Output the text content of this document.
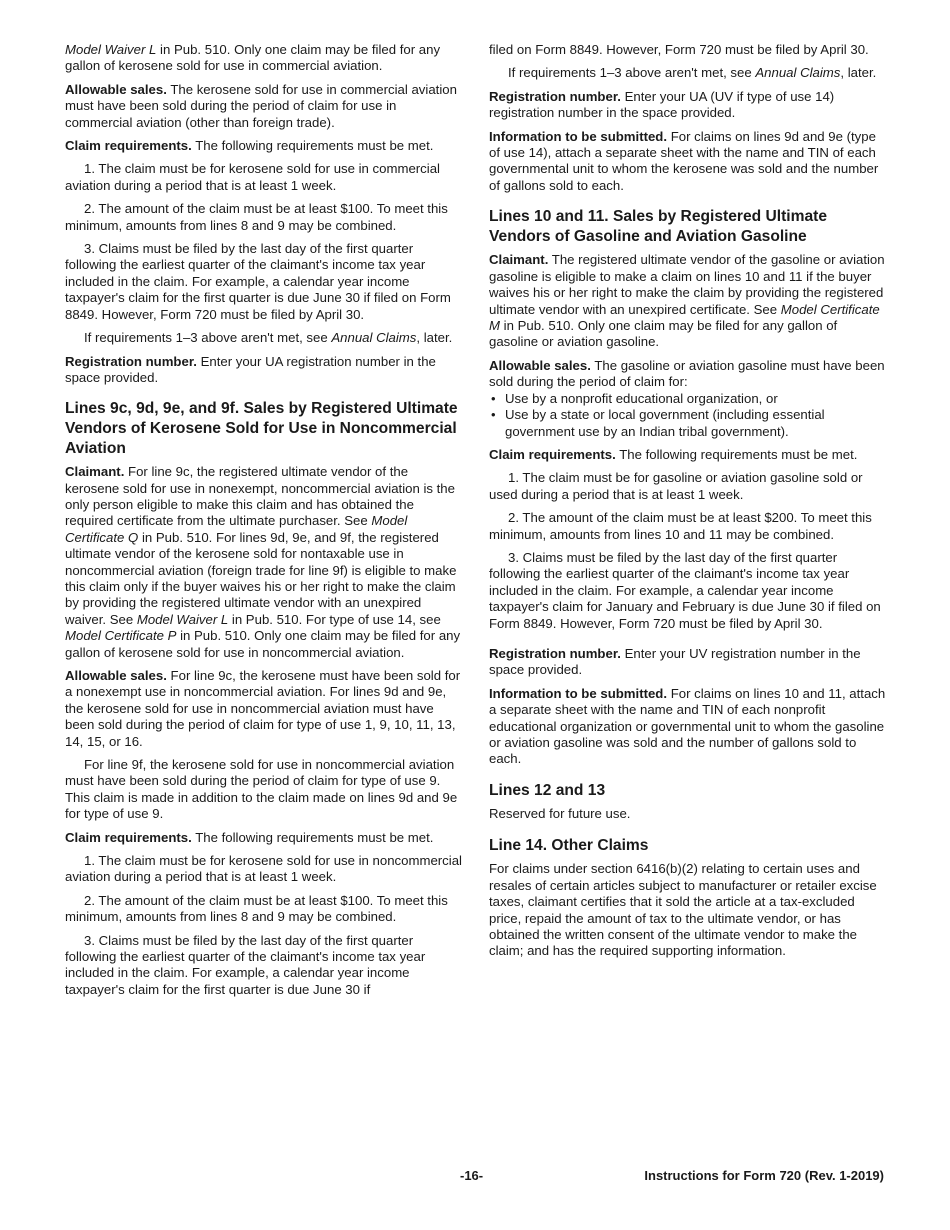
Model Waiver L in Pub. 510. Only one claim may be filed for any gallon of kerosene sold for use in commercial aviation.

Allowable sales. The kerosene sold for use in commercial aviation must have been sold during the period of claim for use in commercial aviation (other than foreign trade).

Claim requirements. The following requirements must be met.

1. The claim must be for kerosene sold for use in commercial aviation during a period that is at least 1 week.

2. The amount of the claim must be at least $100. To meet this minimum, amounts from lines 8 and 9 may be combined.

3. Claims must be filed by the last day of the first quarter following the earliest quarter of the claimant's income tax year included in the claim. For example, a calendar year income taxpayer's claim for the first quarter is due June 30 if filed on Form 8849. However, Form 720 must be filed by April 30.

If requirements 1–3 above aren't met, see Annual Claims, later.

Registration number. Enter your UA registration number in the space provided.

Lines 9c, 9d, 9e, and 9f. Sales by Registered Ultimate Vendors of Kerosene Sold for Use in Noncommercial Aviation

Claimant. For line 9c, the registered ultimate vendor of the kerosene sold for use in nonexempt, noncommercial aviation is the only person eligible to make this claim and has obtained the required certificate from the ultimate purchaser. See Model Certificate Q in Pub. 510. For lines 9d, 9e, and 9f, the registered ultimate vendor of the kerosene sold for nontaxable use in noncommercial aviation (foreign trade for line 9f) is eligible to make this claim only if the buyer waives his or her right to make the claim by providing the registered ultimate vendor with an unexpired waiver. See Model Waiver L in Pub. 510. For type of use 14, see Model Certificate P in Pub. 510. Only one claim may be filed for any gallon of kerosene sold for use in noncommercial aviation.

Allowable sales. For line 9c, the kerosene must have been sold for a nonexempt use in noncommercial aviation. For lines 9d and 9e, the kerosene sold for use in noncommercial aviation must have been sold during the period of claim for type of use 1, 9, 10, 11, 13, 14, 15, or 16.

For line 9f, the kerosene sold for use in noncommercial aviation must have been sold during the period of claim for type of use 9. This claim is made in addition to the claim made on lines 9d and 9e for type of use 9.

Claim requirements. The following requirements must be met.

1. The claim must be for kerosene sold for use in noncommercial aviation during a period that is at least 1 week.

2. The amount of the claim must be at least $100. To meet this minimum, amounts from lines 8 and 9 may be combined.

3. Claims must be filed by the last day of the first quarter following the earliest quarter of the claimant's income tax year included in the claim. For example, a calendar year income taxpayer's claim for the first quarter is due June 30 if

filed on Form 8849. However, Form 720 must be filed by April 30.

If requirements 1–3 above aren't met, see Annual Claims, later.

Registration number. Enter your UA (UV if type of use 14) registration number in the space provided.

Information to be submitted. For claims on lines 9d and 9e (type of use 14), attach a separate sheet with the name and TIN of each governmental unit to whom the kerosene was sold and the number of gallons sold to each.

Lines 10 and 11. Sales by Registered Ultimate Vendors of Gasoline and Aviation Gasoline

Claimant. The registered ultimate vendor of the gasoline or aviation gasoline is eligible to make a claim on lines 10 and 11 if the buyer waives his or her right to make the claim by providing the registered ultimate vendor with an unexpired certificate. See Model Certificate M in Pub. 510. Only one claim may be filed for any gallon of gasoline or aviation gasoline.

Allowable sales. The gasoline or aviation gasoline must have been sold during the period of claim for:

• Use by a nonprofit educational organization, or
• Use by a state or local government (including essential government use by an Indian tribal government).

Claim requirements. The following requirements must be met.

1. The claim must be for gasoline or aviation gasoline sold or used during a period that is at least 1 week.

2. The amount of the claim must be at least $200. To meet this minimum, amounts from lines 10 and 11 may be combined.

3. Claims must be filed by the last day of the first quarter following the earliest quarter of the claimant's income tax year included in the claim. For example, a calendar year income taxpayer's claim for January and February is due June 30 if filed on Form 8849. However, Form 720 must be filed by April 30.

Registration number. Enter your UV registration number in the space provided.

Information to be submitted. For claims on lines 10 and 11, attach a separate sheet with the name and TIN of each nonprofit educational organization or governmental unit to whom the gasoline or aviation gasoline was sold and the number of gallons sold to each.

Lines 12 and 13

Reserved for future use.

Line 14. Other Claims

For claims under section 6416(b)(2) relating to certain uses and resales of certain articles subject to manufacturer or retailer excise taxes, claimant certifies that it sold the article at a tax-excluded price, repaid the amount of tax to the ultimate vendor, or has obtained the written consent of the ultimate vendor to make the claim; and has the required supporting information.

-16-	Instructions for Form 720 (Rev. 1-2019)
